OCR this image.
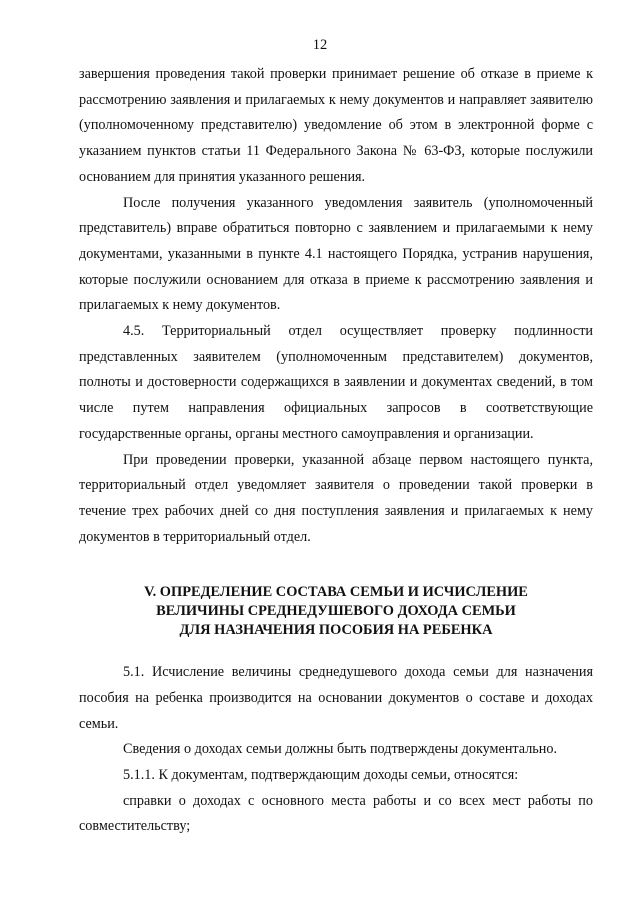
12

завершения проведения такой проверки принимает решение об отказе в приеме к рассмотрению заявления и прилагаемых к нему документов и направляет заявителю (уполномоченному представителю) уведомление об этом в электронной форме с указанием пунктов статьи 11 Федерального Закона № 63-ФЗ, которые послужили основанием для принятия указанного решения.

После получения указанного уведомления заявитель (уполномоченный представитель) вправе обратиться повторно с заявлением и прилагаемыми к нему документами, указанными в пункте 4.1 настоящего Порядка, устранив нарушения, которые послужили основанием для отказа в приеме к рассмотрению заявления и прилагаемых к нему документов.

4.5. Территориальный отдел осуществляет проверку подлинности представленных заявителем (уполномоченным представителем) документов, полноты и достоверности содержащихся в заявлении и документах сведений, в том числе путем направления официальных запросов в соответствующие государственные органы, органы местного самоуправления и организации.

При проведении проверки, указанной абзаце первом настоящего пункта, территориальный отдел уведомляет заявителя о проведении такой проверки в течение трех рабочих дней со дня поступления заявления и прилагаемых к нему документов в территориальный отдел.

V. ОПРЕДЕЛЕНИЕ СОСТАВА СЕМЬИ И ИСЧИСЛЕНИЕ
ВЕЛИЧИНЫ СРЕДНЕДУШЕВОГО ДОХОДА СЕМЬИ
ДЛЯ НАЗНАЧЕНИЯ ПОСОБИЯ НА РЕБЕНКА

5.1. Исчисление величины среднедушевого дохода семьи для назначения пособия на ребенка производится на основании документов о составе и доходах семьи.

Сведения о доходах семьи должны быть подтверждены документально.

5.1.1. К документам, подтверждающим доходы семьи, относятся:

справки о доходах с основного места работы и со всех мест работы по совместительству;
